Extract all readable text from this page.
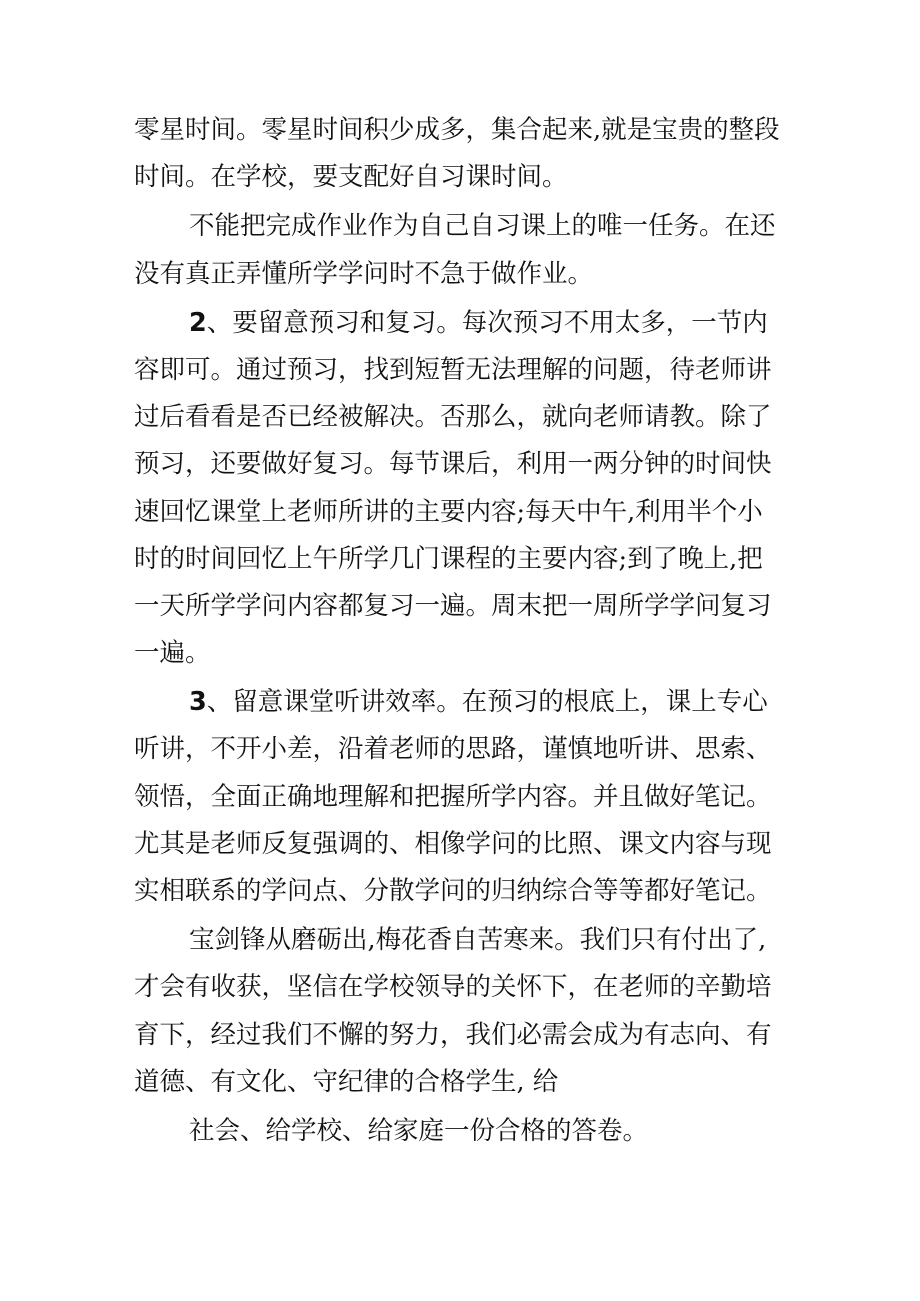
零星时间。零星时间积少成多，集合起来,就是宝贵的整段
时间。在学校，要支配好自习课时间。
不能把完成作业作为自己自习课上的唯一任务。在还
没有真正弄懂所学学问时不急于做作业。
2、要留意预习和复习。每次预习不用太多，一节内
容即可。通过预习，找到短暂无法理解的问题，待老师讲
过后看看是否已经被解决。否那么，就向老师请教。除了
预习，还要做好复习。每节课后，利用一两分钟的时间快
速回忆课堂上老师所讲的主要内容;每天中午,利用半个小
时的时间回忆上午所学几门课程的主要内容;到了晚上,把
一天所学学问内容都复习一遍。周末把一周所学学问复习
一遍。
3、留意课堂听讲效率。在预习的根底上，课上专心
听讲，不开小差，沿着老师的思路，谨慎地听讲、思索、
领悟，全面正确地理解和把握所学内容。并且做好笔记。
尤其是老师反复强调的、相像学问的比照、课文内容与现
实相联系的学问点、分散学问的归纳综合等等都好笔记。
宝剑锋从磨砺出,梅花香自苦寒来。我们只有付出了,
才会有收获，坚信在学校领导的关怀下，在老师的辛勤培
育下，经过我们不懈的努力，我们必需会成为有志向、有
道德、有文化、守纪律的合格学生, 给
社会、给学校、给家庭一份合格的答卷。
